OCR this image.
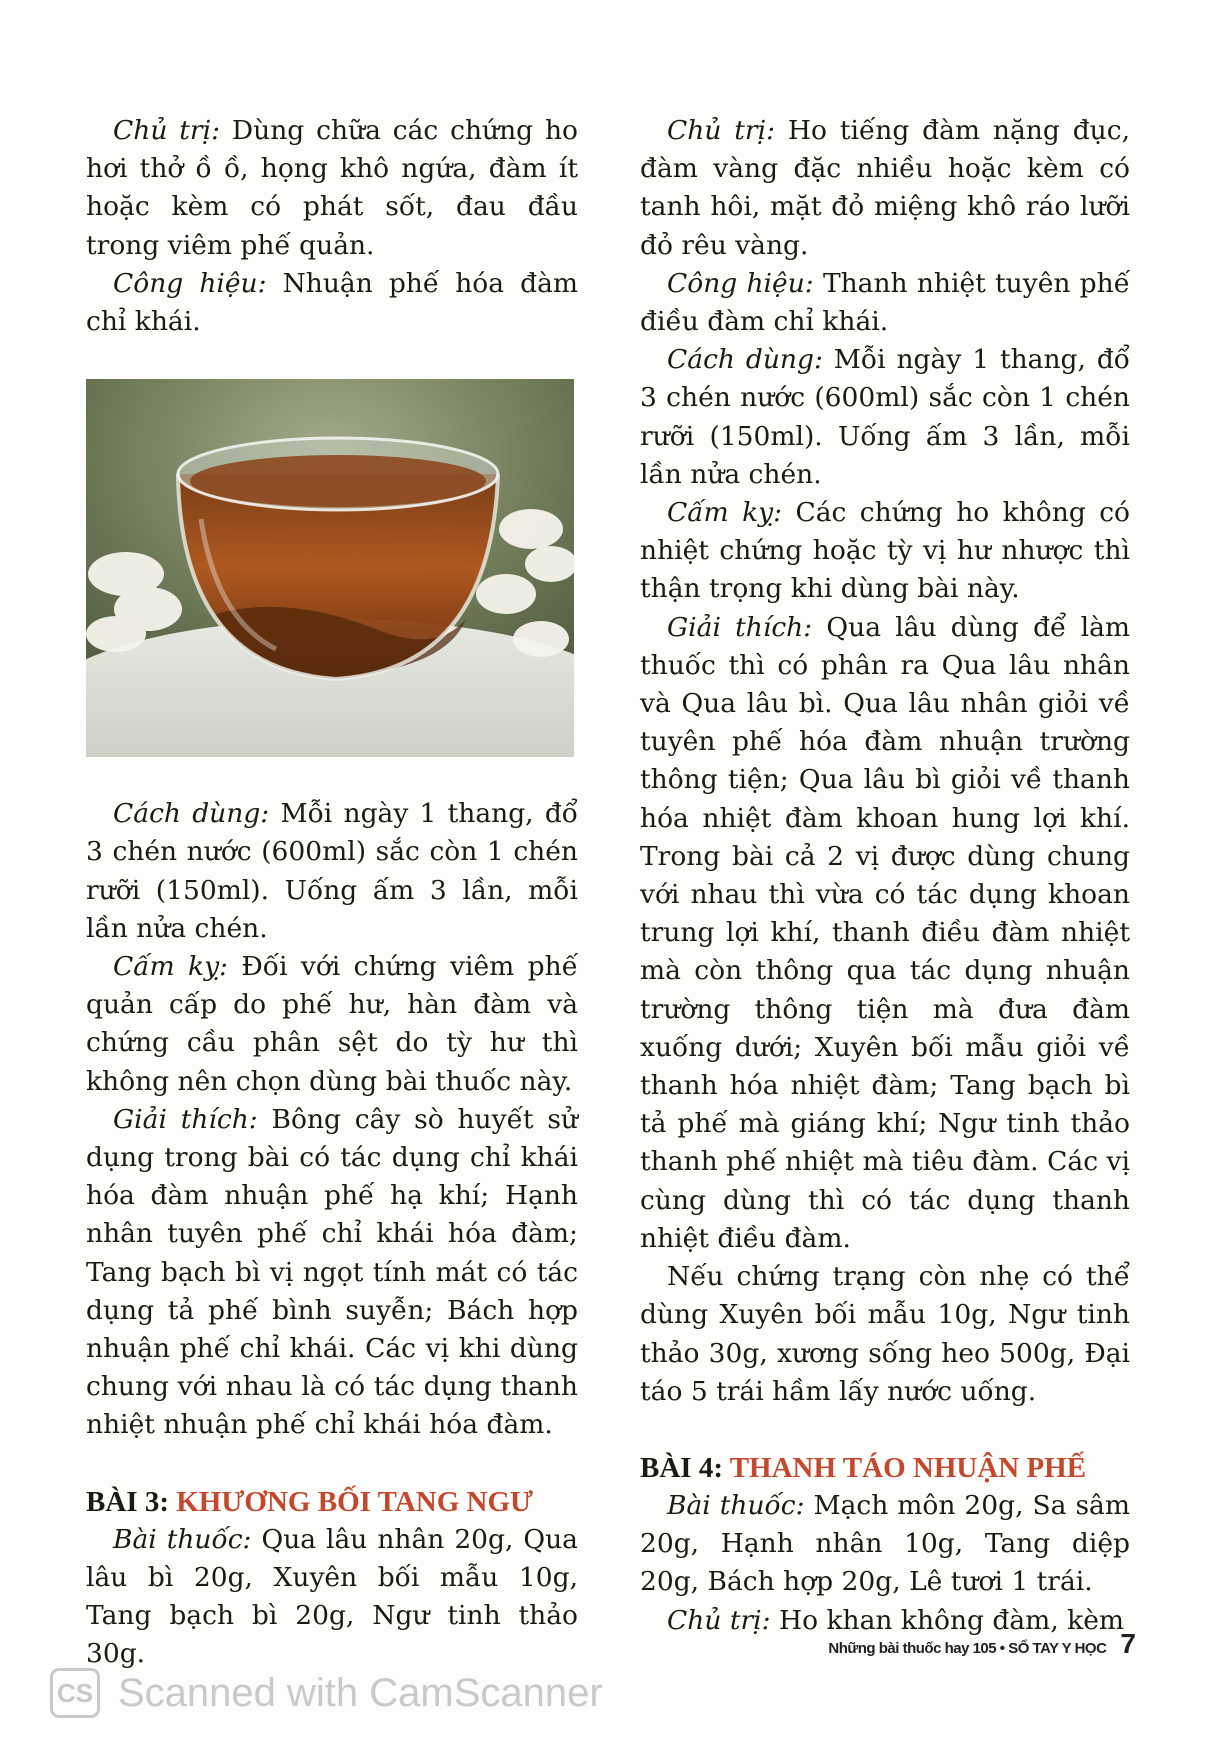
Chủ trị: Dùng chữa các chứng ho hơi thở ồ ồ, họng khô ngứa, đàm ít hoặc kèm có phát sốt, đau đầu trong viêm phế quản.

Công hiệu: Nhuận phế hóa đàm chỉ khái.

Cách dùng: Mỗi ngày 1 thang, đổ 3 chén nước (600ml) sắc còn 1 chén rưỡi (150ml). Uống ấm 3 lần, mỗi lần nửa chén.

Cấm kỵ: Đối với chứng viêm phế quản cấp do phế hư, hàn đàm và chứng cầu phân sệt do tỳ hư thì không nên chọn dùng bài thuốc này.

Giải thích: Bông cây sò huyết sử dụng trong bài có tác dụng chỉ khái hóa đàm nhuận phế hạ khí; Hạnh nhân tuyên phế chỉ khái hóa đàm; Tang bạch bì vị ngọt tính mát có tác dụng tả phế bình suyễn; Bách hợp nhuận phế chỉ khái. Các vị khi dùng chung với nhau là có tác dụng thanh nhiệt nhuận phế chỉ khái hóa đàm.

BÀI 3: KHƯƠNG BỐI TANG NGƯ

Bài thuốc: Qua lâu nhân 20g, Qua lâu bì 20g, Xuyên bối mẫu 10g, Tang bạch bì 20g, Ngư tinh thảo 30g.

Chủ trị: Ho tiếng đàm nặng đục, đàm vàng đặc nhiều hoặc kèm có tanh hôi, mặt đỏ miệng khô ráo lưỡi đỏ rêu vàng.

Công hiệu: Thanh nhiệt tuyên phế điều đàm chỉ khái.

Cách dùng: Mỗi ngày 1 thang, đổ 3 chén nước (600ml) sắc còn 1 chén rưỡi (150ml). Uống ấm 3 lần, mỗi lần nửa chén.

Cấm kỵ: Các chứng ho không có nhiệt chứng hoặc tỳ vị hư nhược thì thận trọng khi dùng bài này.

Giải thích: Qua lâu dùng để làm thuốc thì có phân ra Qua lâu nhân và Qua lâu bì. Qua lâu nhân giỏi về tuyên phế hóa đàm nhuận trường thông tiện; Qua lâu bì giỏi về thanh hóa nhiệt đàm khoan hung lợi khí. Trong bài cả 2 vị được dùng chung với nhau thì vừa có tác dụng khoan trung lợi khí, thanh điều đàm nhiệt mà còn thông qua tác dụng nhuận trường thông tiện mà đưa đàm xuống dưới; Xuyên bối mẫu giỏi về thanh hóa nhiệt đàm; Tang bạch bì tả phế mà giáng khí; Ngư tinh thảo thanh phế nhiệt mà tiêu đàm. Các vị cùng dùng thì có tác dụng thanh nhiệt điều đàm.

Nếu chứng trạng còn nhẹ có thể dùng Xuyên bối mẫu 10g, Ngư tinh thảo 30g, xương sống heo 500g, Đại táo 5 trái hầm lấy nước uống.

BÀI 4: THANH TÁO NHUẬN PHẾ

Bài thuốc: Mạch môn 20g, Sa sâm 20g, Hạnh nhân 10g, Tang diệp 20g, Bách hợp 20g, Lê tươi 1 trái.

Chủ trị: Ho khan không đàm, kèm

Những bài thuốc hay 105 • SỔ TAY Y HỌC 7
CS Scanned with CamScanner
